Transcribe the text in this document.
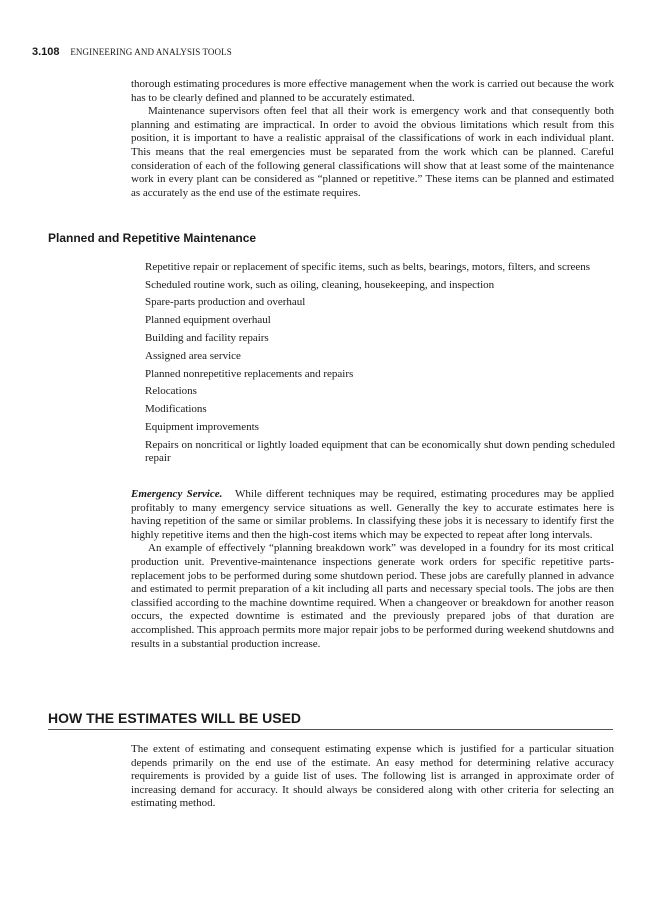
3.108 ENGINEERING AND ANALYSIS TOOLS

thorough estimating procedures is more effective management when the work is carried out because the work has to be clearly defined and planned to be accurately estimated.

Maintenance supervisors often feel that all their work is emergency work and that consequently both planning and estimating are impractical. In order to avoid the obvious limitations which result from this position, it is important to have a realistic appraisal of the classifications of work in each individual plant. This means that the real emergencies must be separated from the work which can be planned. Careful consideration of each of the following general classifications will show that at least some of the maintenance work in every plant can be considered as “planned or repetitive.” These items can be planned and estimated as accurately as the end use of the estimate requires.

Planned and Repetitive Maintenance
Repetitive repair or replacement of specific items, such as belts, bearings, motors, filters, and screens
Scheduled routine work, such as oiling, cleaning, housekeeping, and inspection
Spare-parts production and overhaul
Planned equipment overhaul
Building and facility repairs
Assigned area service
Planned nonrepetitive replacements and repairs
Relocations
Modifications
Equipment improvements
Repairs on noncritical or lightly loaded equipment that can be economically shut down pending scheduled repair

Emergency Service. While different techniques may be required, estimating procedures may be applied profitably to many emergency service situations as well. Generally the key to accurate estimates here is having repetition of the same or similar problems. In classifying these jobs it is necessary to identify first the highly repetitive items and then the high-cost items which may be expected to repeat after long intervals.

An example of effectively “planning breakdown work” was developed in a foundry for its most critical production unit. Preventive-maintenance inspections generate work orders for specific repetitive parts-replacement jobs to be performed during some shutdown period. These jobs are carefully planned in advance and estimated to permit preparation of a kit including all parts and necessary special tools. The jobs are then classified according to the machine downtime required. When a changeover or breakdown for another reason occurs, the expected downtime is estimated and the previously prepared jobs of that duration are accomplished. This approach permits more major repair jobs to be performed during weekend shutdowns and results in a substantial production increase.

HOW THE ESTIMATES WILL BE USED

The extent of estimating and consequent estimating expense which is justified for a particular situation depends primarily on the end use of the estimate. An easy method for determining relative accuracy requirements is provided by a guide list of uses. The following list is arranged in approximate order of increasing demand for accuracy. It should always be considered along with other criteria for selecting an estimating method.
